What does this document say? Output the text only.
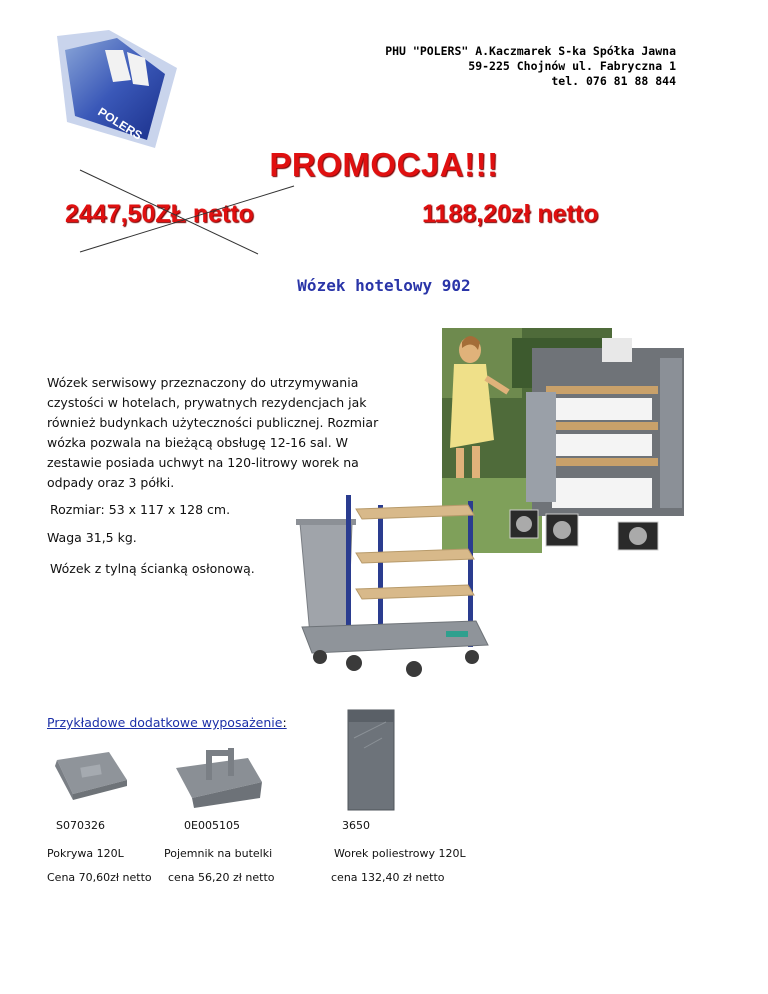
POLERS
PHU "POLERS" A.Kaczmarek S-ka Spółka Jawna
59-225 Chojnów ul. Fabryczna 1
tel. 076 81 88 844
PROMOCJA!!!
2447,50ZŁ netto	1188,20zł netto
Wózek hotelowy 902
Wózek serwisowy przeznaczony do utrzymywania czystości w hotelach, prywatnych rezydencjach jak również budynkach użyteczności publicznej. Rozmiar wózka pozwala na bieżącą obsługę 12-16 sal. W zestawie posiada uchwyt na 120-litrowy worek na odpady oraz 3 półki.
Rozmiar: 53 x 117 x 128 cm.
Waga 31,5 kg.
Wózek z tylną ścianką osłonową.
Przykładowe dodatkowe wyposażenie:
S070326
Pokrywa 120L
Cena 70,60zł netto
0E005105
Pojemnik na butelki
cena 56,20 zł netto
3650
Worek poliestrowy 120L
cena 132,40 zł netto
